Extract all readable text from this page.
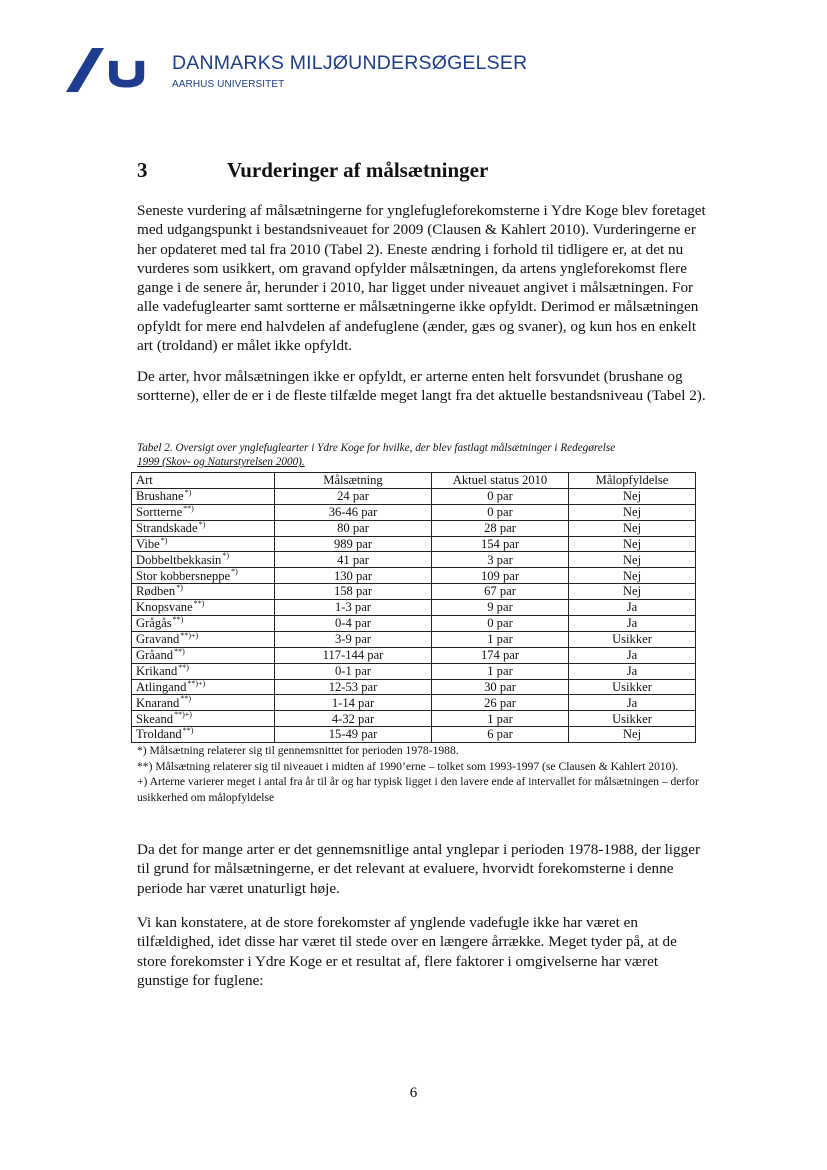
DANMARKS MILJØUNDERSØGELSER
AARHUS UNIVERSITET
3	Vurderinger af målsætninger

Seneste vurdering af målsætningerne for ynglefugleforekomsterne i Ydre Koge blev foretaget med udgangspunkt i bestandsniveauet for 2009 (Clausen & Kahlert 2010). Vurderingerne er her opdateret med tal fra 2010 (Tabel 2). Eneste ændring i forhold til tidligere er, at det nu vurderes som usikkert, om gravand opfylder målsætningen, da artens yngleforekomst flere gange i de senere år, herunder i 2010, har ligget under niveauet angivet i målsætningen. For alle vadefuglearter samt sortterne er målsætningerne ikke opfyldt. Derimod er målsætningen opfyldt for mere end halvdelen af andefuglene (ænder, gæs og svaner), og kun hos en enkelt art (troldand) er målet ikke opfyldt.

De arter, hvor målsætningen ikke er opfyldt, er arterne enten helt forsvundet (brushane og sortterne), eller de er i de fleste tilfælde meget langt fra det aktuelle bestandsniveau (Tabel 2).

Tabel 2. Oversigt over ynglefuglearter i Ydre Koge for hvilke, der blev fastlagt målsætninger i Redegørelse
1999 (Skov- og Naturstyrelsen 2000).
Art	Målsætning	Aktuel status 2010	Målopfyldelse
Brushane*)	24 par	0 par	Nej
Sortterne**)	36-46 par	0 par	Nej
Strandskade*)	80 par	28 par	Nej
Vibe*)	989 par	154 par	Nej
Dobbeltbekkasin*)	41 par	3 par	Nej
Stor kobbersneppe*)	130 par	109 par	Nej
Rødben*)	158 par	67 par	Nej
Knopsvane**)	1-3 par	9 par	Ja
Grågås**)	0-4 par	0 par	Ja
Gravand**)+)	3-9 par	1 par	Usikker
Gråand**)	117-144 par	174 par	Ja
Krikand**)	0-1 par	1 par	Ja
Atlingand**)+)	12-53 par	30 par	Usikker
Knarand**)	1-14 par	26 par	Ja
Skeand**)+)	4-32 par	1 par	Usikker
Troldand**)	15-49 par	6 par	Nej
*) Målsætning relaterer sig til gennemsnittet for perioden 1978-1988.
**) Målsætning relaterer sig til niveauet i midten af 1990’erne – tolket som 1993-1997 (se Clausen & Kahlert 2010).
+) Arterne varierer meget i antal fra år til år og har typisk ligget i den lavere ende af intervallet for målsætningen – derfor usikkerhed om målopfyldelse

Da det for mange arter er det gennemsnitlige antal ynglepar i perioden 1978-1988, der ligger til grund for målsætningerne, er det relevant at evaluere, hvorvidt forekomsterne i denne periode har været unaturligt høje.

Vi kan konstatere, at de store forekomster af ynglende vadefugle ikke har været en tilfældighed, idet disse har været til stede over en længere årrække. Meget tyder på, at de store forekomster i Ydre Koge er et resultat af, flere faktorer i omgivelserne har været gunstige for fuglene:

6
